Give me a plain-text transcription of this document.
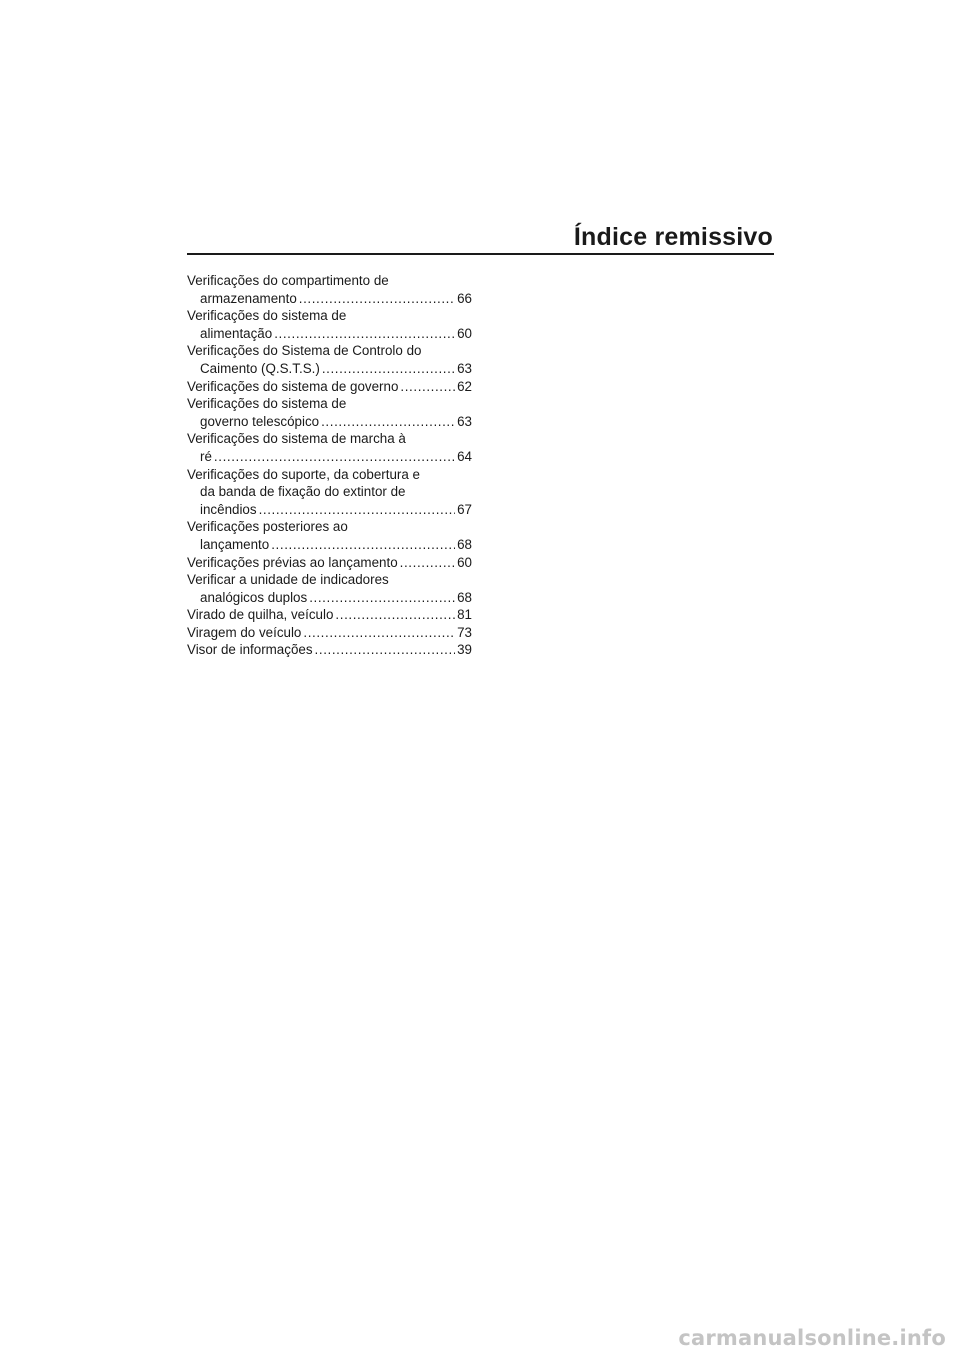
Índice remissivo
Verificações do compartimento de
armazenamento .....	66
Verificações do sistema de
alimentação .....	60
Verificações do Sistema de Controlo do
Caimento (Q.S.T.S.) .....	63
Verificações do sistema de governo .....	62
Verificações do sistema de
governo telescópico .....	63
Verificações do sistema de marcha à
ré .....	64
Verificações do suporte, da cobertura e
da banda de fixação do extintor de
incêndios .....	67
Verificações posteriores ao
lançamento .....	68
Verificações prévias ao lançamento .....	60
Verificar a unidade de indicadores
analógicos duplos .....	68
Virado de quilha, veículo .....	81
Viragem do veículo .....	73
Visor de informações .....	39
carmanualsonline.info
